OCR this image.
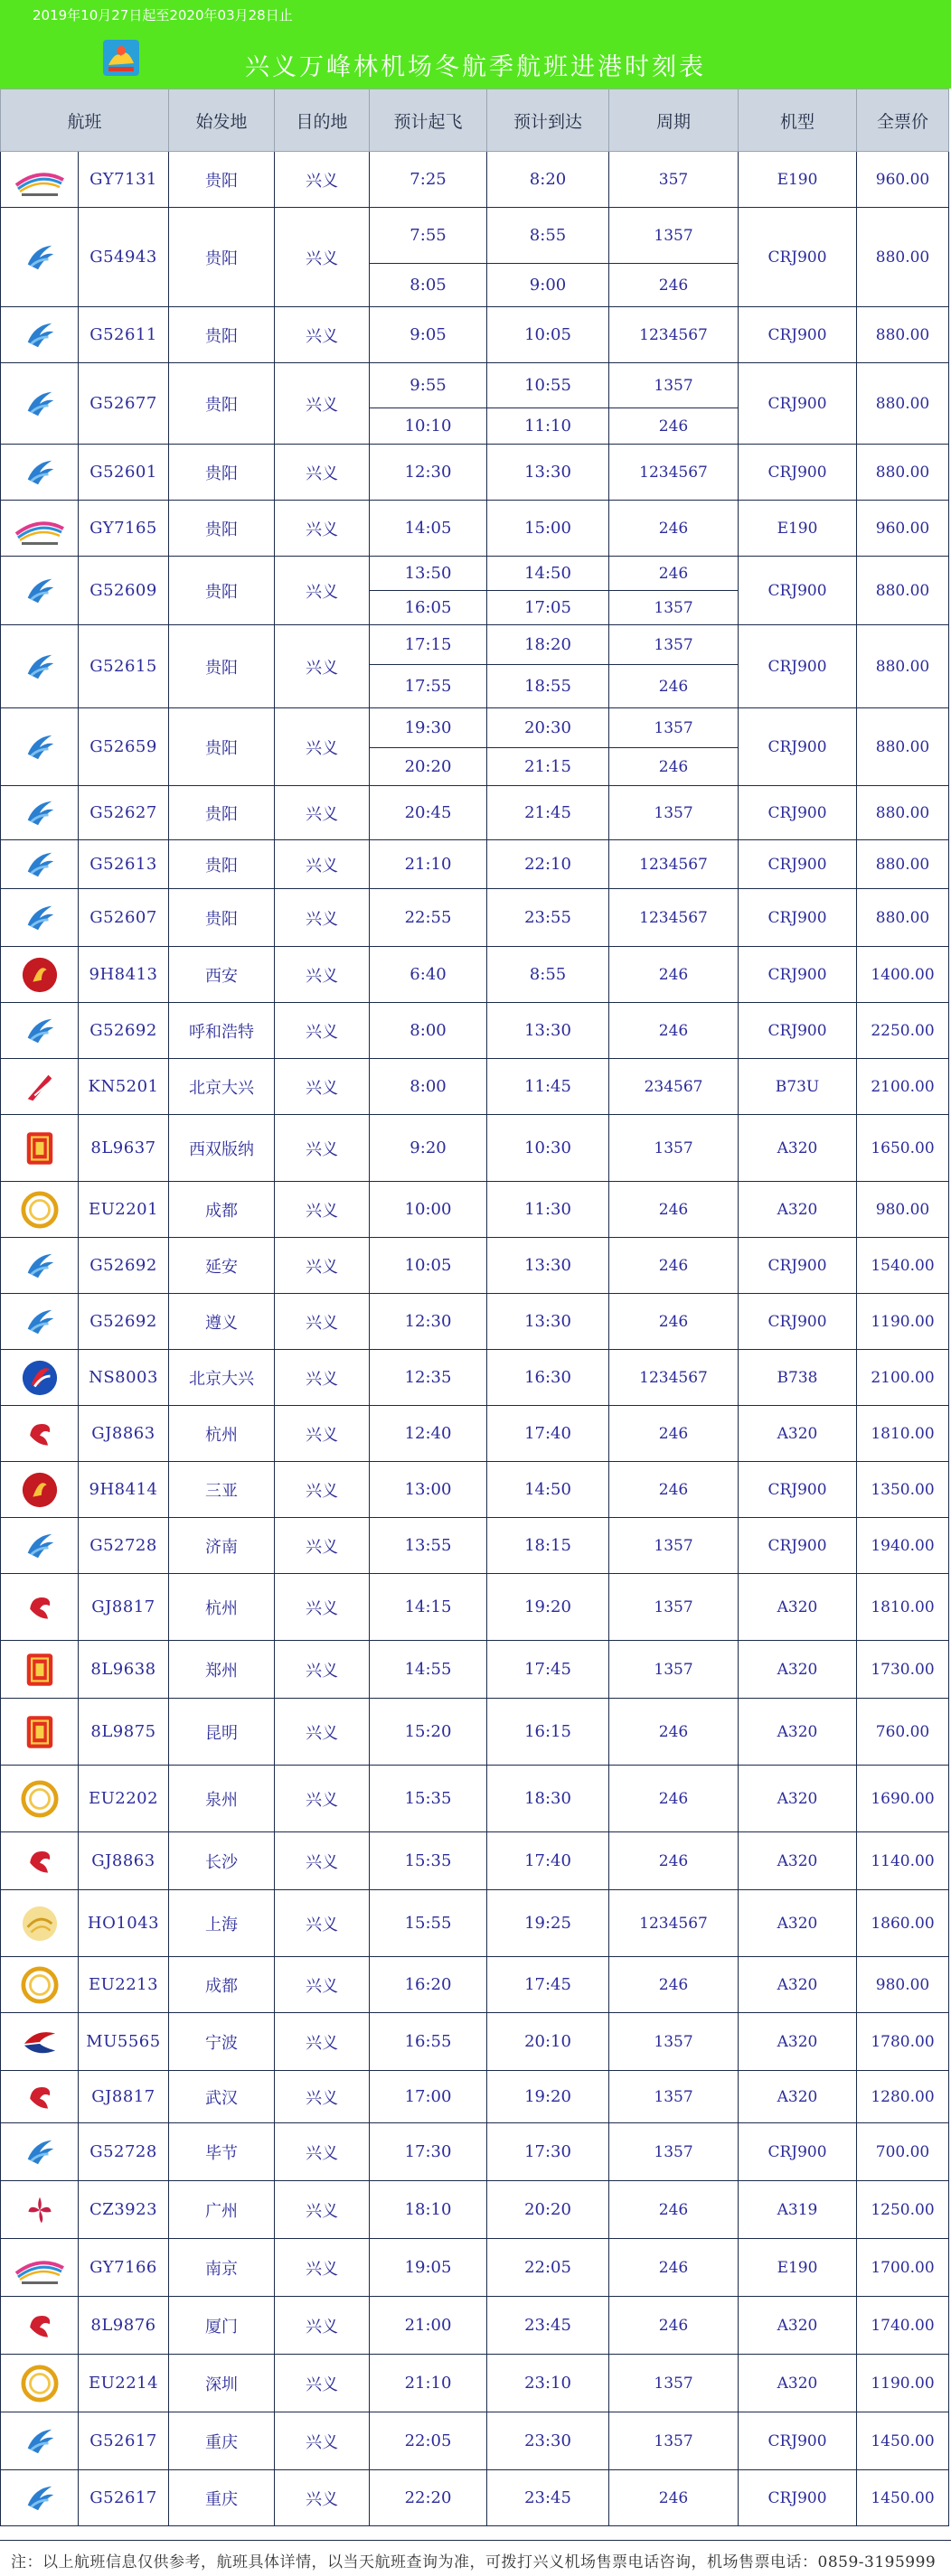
2019年10月27日起至2020年03月28日止
兴义万峰林机场冬航季航班进港时刻表
航班		始发地	目的地	预计起飞	预计到达	周期	机型	全票价

	GY7131	贵阳	兴义	7:25	8:20	357	E190	960.00

	G54943	贵阳	兴义	7:55	8:55	1357	CRJ900	880.00
				8:05	9:00	246		

	G52611	贵阳	兴义	9:05	10:05	1234567	CRJ900	880.00

	G52677	贵阳	兴义	9:55	10:55	1357	CRJ900	880.00
				10:10	11:10	246		

	G52601	贵阳	兴义	12:30	13:30	1234567	CRJ900	880.00

	GY7165	贵阳	兴义	14:05	15:00	246	E190	960.00

	G52609	贵阳	兴义	13:50	14:50	246	CRJ900	880.00
				16:05	17:05	1357		

	G52615	贵阳	兴义	17:15	18:20	1357	CRJ900	880.00
				17:55	18:55	246		

	G52659	贵阳	兴义	19:30	20:30	1357	CRJ900	880.00
				20:20	21:15	246		

	G52627	贵阳	兴义	20:45	21:45	1357	CRJ900	880.00

	G52613	贵阳	兴义	21:10	22:10	1234567	CRJ900	880.00

	G52607	贵阳	兴义	22:55	23:55	1234567	CRJ900	880.00

	9H8413	西安	兴义	6:40	8:55	246	CRJ900	1400.00

	G52692	呼和浩特	兴义	8:00	13:30	246	CRJ900	2250.00

	KN5201	北京大兴	兴义	8:00	11:45	234567	B73U	2100.00

	8L9637	西双版纳	兴义	9:20	10:30	1357	A320	1650.00

	EU2201	成都	兴义	10:00	11:30	246	A320	980.00

	G52692	延安	兴义	10:05	13:30	246	CRJ900	1540.00

	G52692	遵义	兴义	12:30	13:30	246	CRJ900	1190.00

	NS8003	北京大兴	兴义	12:35	16:30	1234567	B738	2100.00

	GJ8863	杭州	兴义	12:40	17:40	246	A320	1810.00

	9H8414	三亚	兴义	13:00	14:50	246	CRJ900	1350.00

	G52728	济南	兴义	13:55	18:15	1357	CRJ900	1940.00

	GJ8817	杭州	兴义	14:15	19:20	1357	A320	1810.00

	8L9638	郑州	兴义	14:55	17:45	1357	A320	1730.00

	8L9875	昆明	兴义	15:20	16:15	246	A320	760.00

	EU2202	泉州	兴义	15:35	18:30	246	A320	1690.00

	GJ8863	长沙	兴义	15:35	17:40	246	A320	1140.00

	HO1043	上海	兴义	15:55	19:25	1234567	A320	1860.00

	EU2213	成都	兴义	16:20	17:45	246	A320	980.00

	MU5565	宁波	兴义	16:55	20:10	1357	A320	1780.00

	GJ8817	武汉	兴义	17:00	19:20	1357	A320	1280.00

	G52728	毕节	兴义	17:30	17:30	1357	CRJ900	700.00

	CZ3923	广州	兴义	18:10	20:20	246	A319	1250.00

	GY7166	南京	兴义	19:05	22:05	246	E190	1700.00

	8L9876	厦门	兴义	21:00	23:45	246	A320	1740.00

	EU2214	深圳	兴义	21:10	23:10	1357	A320	1190.00

	G52617	重庆	兴义	22:05	23:30	1357	CRJ900	1450.00

	G52617	重庆	兴义	22:20	23:45	246	CRJ900	1450.00
注：以上航班信息仅供参考，航班具体详情，以当天航班查询为准，可拨打兴义机场售票电话咨询，机场售票电话：0859-3195999
